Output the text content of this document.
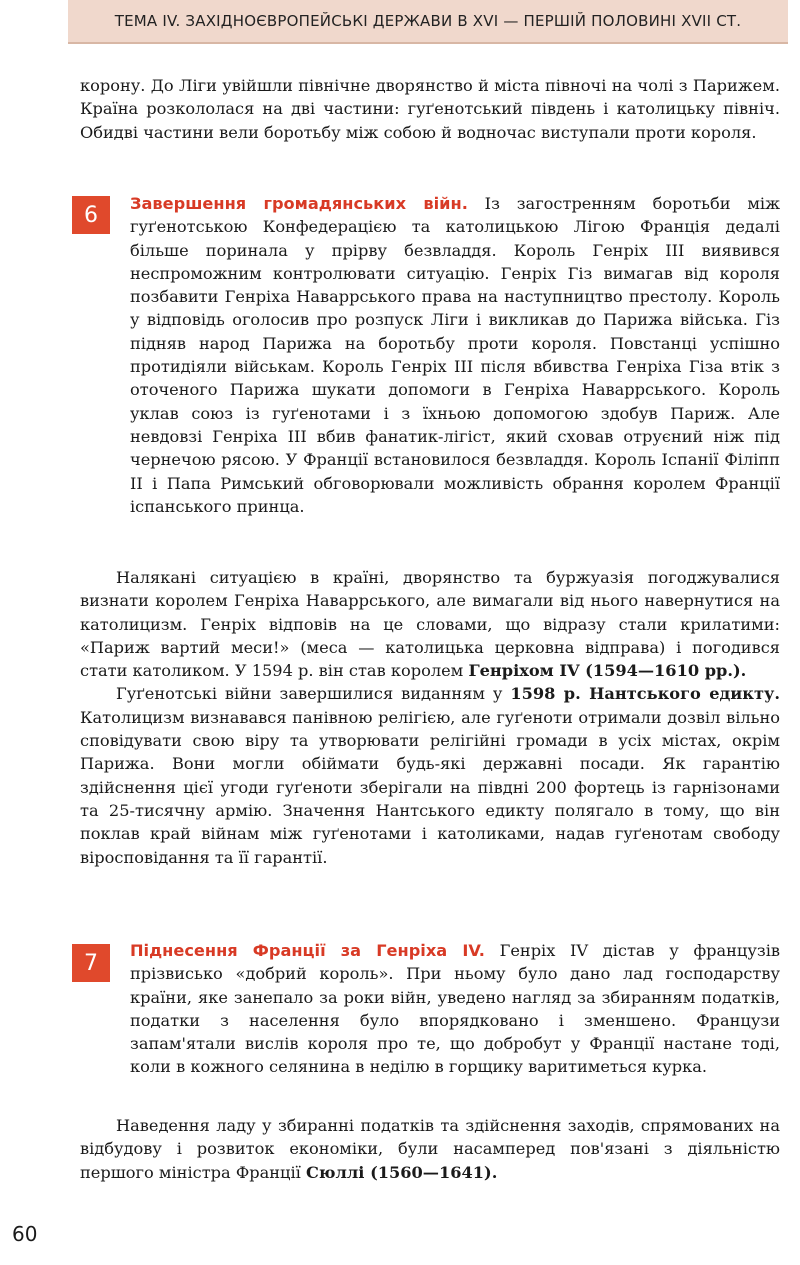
ТЕМА IV. ЗАХІДНОЄВРОПЕЙСЬКІ ДЕРЖАВИ В XVI — ПЕРШІЙ ПОЛОВИНІ XVII СТ.

корону. До Ліги увійшли північне дворянство й міста півночі на чолі з Парижем. Країна розкололася на дві частини: гуґенотський південь і католицьку північ. Обидві частини вели боротьбу між собою й водночас виступали проти короля.

6 Завершення громадянських війн. Із загостренням боротьби між гуґенотською Конфедерацією та католицькою Лігою Франція дедалі більше поринала у прірву безвладдя. Король Генріх III виявився неспроможним контролювати ситуацію. Генріх Гіз вимагав від короля позбавити Генріха Наваррського права на наступництво престолу. Король у відповідь оголосив про розпуск Ліги і викликав до Парижа війська. Гіз підняв народ Парижа на боротьбу проти короля. Повстанці успішно протидіяли військам. Король Генріх III після вбивства Генріха Гіза втік з оточеного Парижа шукати допомоги в Генріха Наваррського. Король уклав союз із гуґенотами і з їхньою допомогою здобув Париж. Але невдовзі Генріха III вбив фанатик-лігіст, який сховав отруєний ніж під чернечою рясою. У Франції встановилося безвладдя. Король Іспанії Філіпп II і Папа Римський обговорювали можливість обрання королем Франції іспанського принца.

Налякані ситуацією в країні, дворянство та буржуазія погоджувалися визнати королем Генріха Наваррського, але вимагали від нього навернутися на католицизм. Генріх відповів на це словами, що відразу стали крилатими: «Париж вартий меси!» (меса — католицька церковна відправа) і погодився стати католиком. У 1594 р. він став королем Генріхом IV (1594—1610 рр.).

Гуґенотські війни завершилися виданням у 1598 р. Нантського едикту. Католицизм визнавався панівною релігією, але гуґеноти отримали дозвіл вільно сповідувати свою віру та утворювати релігійні громади в усіх містах, окрім Парижа. Вони могли обіймати будь-які державні посади. Як гарантію здійснення цієї угоди гуґеноти зберігали на півдні 200 фортець із гарнізонами та 25-тисячну армію. Значення Нантського едикту полягало в тому, що він поклав край війнам між гуґенотами і католиками, надав гуґенотам свободу віросповідання та її гарантії.

7 Піднесення Франції за Генріха IV. Генріх IV дістав у французів прізвисько «добрий король». При ньому було дано лад господарству країни, яке занепало за роки війн, уведено нагляд за збиранням податків, податки з населення було впорядковано і зменшено. Французи запам'ятали вислів короля про те, що добробут у Франції настане тоді, коли в кожного селянина в неділю в горщику варитиметься курка.

Наведення ладу у збиранні податків та здійснення заходів, спрямованих на відбудову і розвиток економіки, були насамперед пов'язані з діяльністю першого міністра Франції Сюллі (1560—1641).

60
